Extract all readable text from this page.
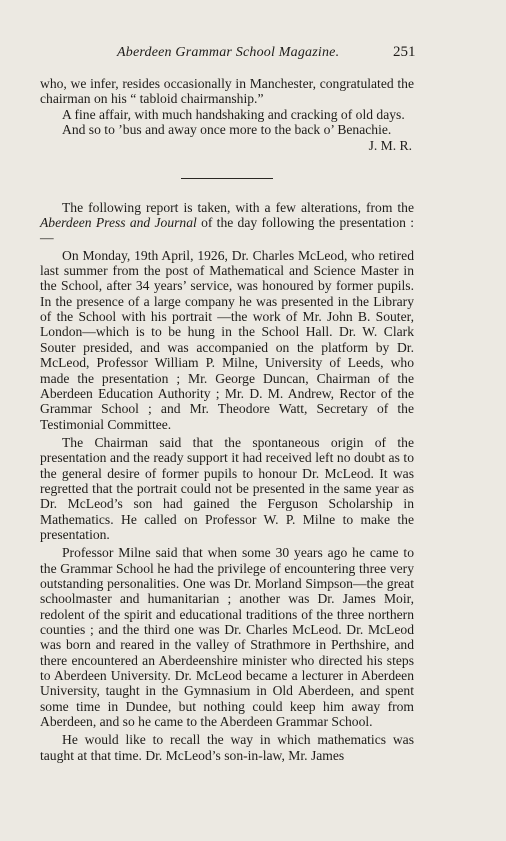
Aberdeen Grammar School Magazine.	251

who, we infer, resides occasionally in Manchester, congratulated the chairman on his “ tabloid chairmanship.”

A fine affair, with much handshaking and cracking of old days.

And so to ’bus and away once more to the back o’ Benachie.

J. M. R.

The following report is taken, with a few alterations, from the Aberdeen Press and Journal of the day following the presentation :—

On Monday, 19th April, 1926, Dr. Charles McLeod, who retired last summer from the post of Mathematical and Science Master in the School, after 34 years’ service, was honoured by former pupils. In the presence of a large company he was presented in the Library of the School with his portrait —the work of Mr. John B. Souter, London—which is to be hung in the School Hall. Dr. W. Clark Souter presided, and was accompanied on the platform by Dr. McLeod, Professor William P. Milne, University of Leeds, who made the presentation ; Mr. George Duncan, Chairman of the Aberdeen Education Authority ; Mr. D. M. Andrew, Rector of the Grammar School ; and Mr. Theodore Watt, Secretary of the Testimonial Committee.

The Chairman said that the spontaneous origin of the presentation and the ready support it had received left no doubt as to the general desire of former pupils to honour Dr. McLeod. It was regretted that the portrait could not be presented in the same year as Dr. McLeod’s son had gained the Ferguson Scholarship in Mathematics. He called on Professor W. P. Milne to make the presentation.

Professor Milne said that when some 30 years ago he came to the Grammar School he had the privilege of encountering three very outstanding personalities. One was Dr. Morland Simpson—the great schoolmaster and humanitarian ; another was Dr. James Moir, redolent of the spirit and educational traditions of the three northern counties ; and the third one was Dr. Charles McLeod. Dr. McLeod was born and reared in the valley of Strathmore in Perthshire, and there encountered an Aberdeenshire minister who directed his steps to Aberdeen University. Dr. McLeod became a lecturer in Aberdeen University, taught in the Gymnasium in Old Aberdeen, and spent some time in Dundee, but nothing could keep him away from Aberdeen, and so he came to the Aberdeen Grammar School.

He would like to recall the way in which mathematics was taught at that time. Dr. McLeod’s son-in-law, Mr. James
